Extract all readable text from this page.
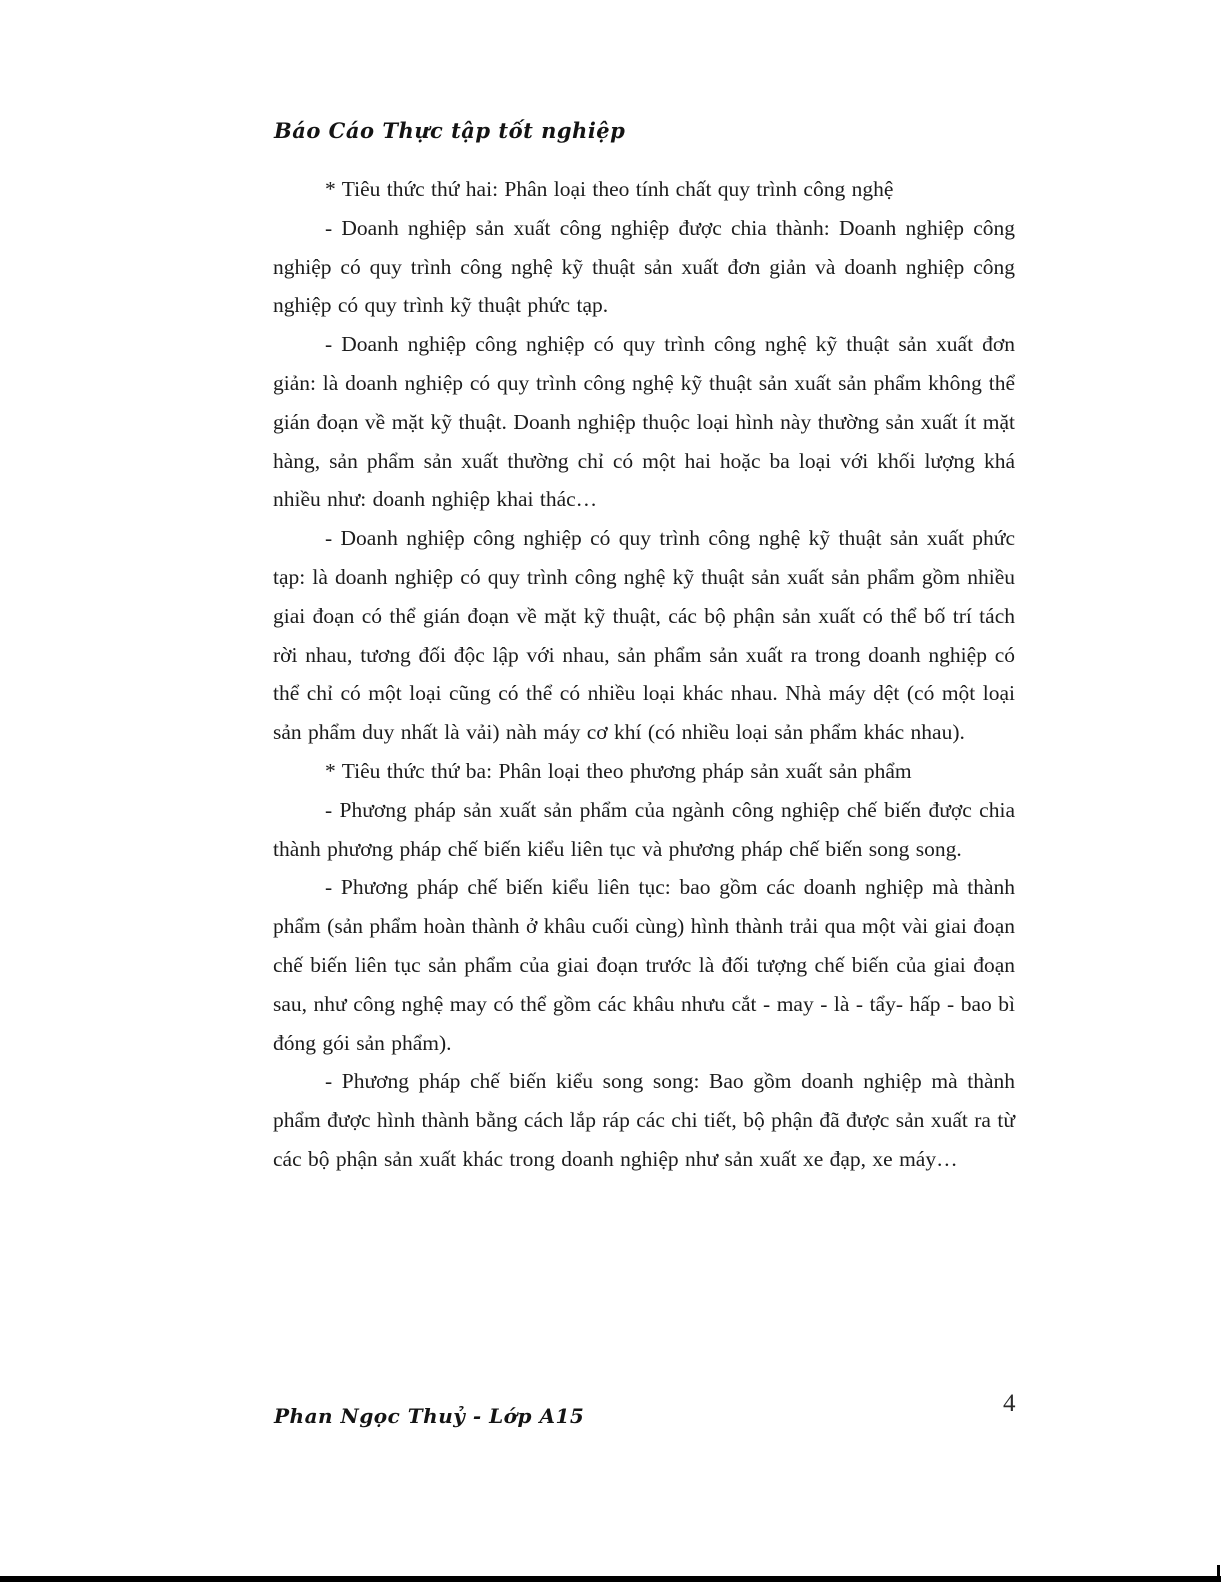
Báo Cáo Thực tập tốt nghiệp

* Tiêu thức thứ hai: Phân loại theo tính chất quy trình công nghệ

- Doanh nghiệp sản xuất công nghiệp được chia thành: Doanh nghiệp công nghiệp có quy trình công nghệ kỹ thuật sản xuất đơn giản và doanh nghiệp công nghiệp có quy trình kỹ thuật phức tạp.

- Doanh nghiệp công nghiệp có quy trình công nghệ kỹ thuật sản xuất đơn giản: là doanh nghiệp có quy trình công nghệ kỹ thuật sản xuất sản phẩm không thể gián đoạn về mặt kỹ thuật. Doanh nghiệp thuộc loại hình này thường sản xuất ít mặt hàng, sản phẩm sản xuất thường chỉ có một hai hoặc ba loại với khối lượng khá nhiều như: doanh nghiệp khai thác…

- Doanh nghiệp công nghiệp có quy trình công nghệ kỹ thuật sản xuất phức tạp: là doanh nghiệp có quy trình công nghệ kỹ thuật sản xuất sản phẩm gồm nhiều giai đoạn có thể gián đoạn về mặt kỹ thuật, các bộ phận sản xuất có thể bố trí tách rời nhau, tương đối độc lập với nhau, sản phẩm sản xuất ra trong doanh nghiệp có thể chỉ có một loại cũng có thể có nhiều loại khác nhau. Nhà máy dệt (có một loại sản phẩm duy nhất là vải) nàh máy cơ khí (có nhiều loại sản phẩm khác nhau).

* Tiêu thức thứ ba: Phân loại theo phương pháp sản xuất sản phẩm

- Phương pháp sản xuất sản phẩm của ngành công nghiệp chế biến được chia thành phương pháp chế biến kiểu liên tục và phương pháp chế biến song song.

- Phương pháp chế biến kiểu liên tục: bao gồm các doanh nghiệp mà thành phẩm (sản phẩm hoàn thành ở khâu cuối cùng) hình thành trải qua một vài giai đoạn chế biến liên tục sản phẩm của giai đoạn trước là đối tượng chế biến của giai đoạn sau, như công nghệ may có thể gồm các khâu nhưu cắt - may - là - tẩy- hấp - bao bì đóng gói sản phẩm).

- Phương pháp chế biến kiểu song song: Bao gồm doanh nghiệp mà thành phẩm được hình thành bằng cách lắp ráp các chi tiết, bộ phận đã được sản xuất ra từ các bộ phận sản xuất khác trong doanh nghiệp như sản xuất xe đạp, xe máy…

Phan Ngọc Thuỷ - Lớp A15	4
